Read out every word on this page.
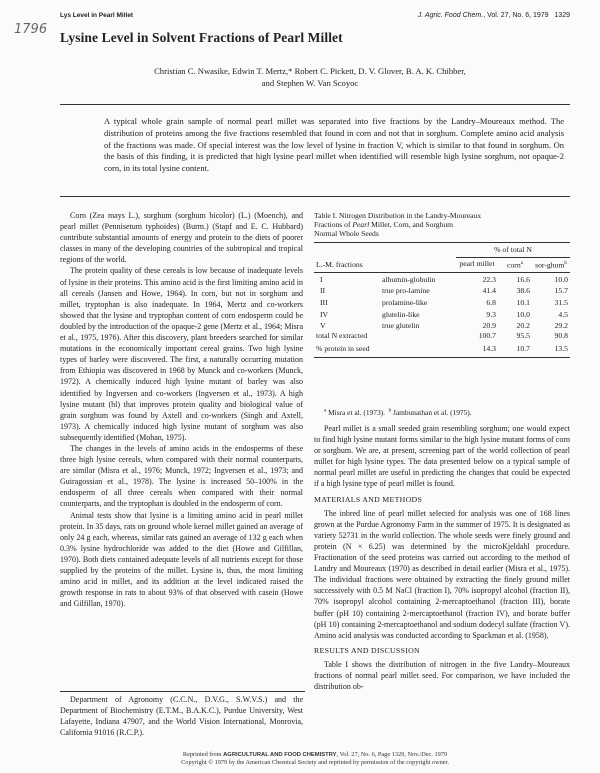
1796
Lys Level in Pearl Millet	J. Agric. Food Chem., Vol. 27, No. 6, 1979 1329
Lysine Level in Solvent Fractions of Pearl Millet
Christian C. Nwasike, Edwin T. Mertz,* Robert C. Pickett, D. V. Glover, B. A. K. Chibber,
and Stephen W. Van Scoyoc
A typical whole grain sample of normal pearl millet was separated into five fractions by the Landry–Moureaux method. The distribution of proteins among the five fractions resembled that found in corn and not that in sorghum. Complete amino acid analysis of the fractions was made. Of special interest was the low level of lysine in fraction V, which is similar to that found in sorghum. On the basis of this finding, it is predicted that high lysine pearl millet when identified will resemble high lysine sorghum, not opaque-2 corn, in its total lysine content.

Corn (Zea mays L.), sorghum (sorghum bicolor) (L.) (Moench), and pearl millet (Pennisetum typhoides) (Burm.) (Stapf and E. C. Hubbard) contribute substantial amounts of energy and protein to the diets of poorer classes in many of the developing countries of the subtropical and tropical regions of the world.

The protein quality of these cereals is low because of inadequate levels of lysine in their proteins. This amino acid is the first limiting amino acid in all cereals (Jansen and Howe, 1964). In corn, but not in sorghum and millet, tryptophan is also inadequate. In 1964, Mertz and co-workers showed that the lysine and tryptophan content of corn endosperm could be doubled by the introduction of the opaque-2 gene (Mertz et al., 1964; Misra et al., 1975, 1976). After this discovery, plant breeders searched for similar mutations in the economically important cereal grains. Two high lysine types of barley were discovered. The first, a naturally occurring mutation from Ethiopia was discovered in 1968 by Munck and co-workers (Munck, 1972). A chemically induced high lysine mutant of barley was also identified by Ingversen and co-workers (Ingversen et al., 1973). A high lysine mutant (hl) that improves protein quality and biological value of grain sorghum was found by Axtell and co-workers (Singh and Axtell, 1973). A chemically induced high lysine mutant of sorghum was also subsequently identified (Mohan, 1975).

The changes in the levels of amino acids in the endosperms of these three high lysine cereals, when compared with their normal counterparts, are similar (Misra et al., 1976; Munck, 1972; Ingversen et al., 1973; and Guiragossian et al., 1978). The lysine is increased 50–100% in the endosperm of all three cereals when compared with their normal counterparts, and the tryptophan is doubled in the endosperm of corn.

Animal tests show that lysine is a limiting amino acid in pearl millet protein. In 35 days, rats on ground whole kernel millet gained an average of only 24 g each, whereas, similar rats gained an average of 132 g each when 0.3% lysine hydrochloride was added to the diet (Howe and Gilfillan, 1970). Both diets contained adequate levels of all nutrients except for those supplied by the proteins of the millet. Lysine is, thus, the most limiting amino acid in millet, and its addition at the level indicated raised the growth response in rats to about 93% of that observed with casein (Howe and Gilfillan, 1970).

Department of Agronomy (C.C.N., D.V.G., S.W.V.S.) and the Department of Biochemistry (E.T.M., B.A.K.C.), Purdue University, West Lafayette, Indiana 47907, and the World Vision International, Monrovia, California 91016 (R.C.P.).

Table I. Nitrogen Distribution in the Landry-Moureaux
Fractions of Pearl Millet, Corn, and Sorghum
Normal Whole Seeds
		% of total N		
L.-M. fractions		pearl millet	corn$^a$	sor-ghum$^b$
I	albumin-globulin	22.3	16.6	10.0
II	true pro-lamine	41.4	38.6	15.7
III	prolamine-like	6.8	10.1	31.5
IV	glutelin-like	9.3	10.0	4.5
V	true glutelin	20.9	20.2	29.2
total N extracted		100.7	95.5	90.8
% protein in seed		14.3	10.7	13.5
$^a$ Misra et al. (1973). $^b$ Jambunathan et al. (1975).

Pearl millet is a small seeded grain resembling sorghum; one would expect to find high lysine mutant forms similar to the high lysine mutant forms of corn or sorghum. We are, at present, screening part of the world collection of pearl millet for high lysine types. The data presented below on a typical sample of normal pearl millet are useful in predicting the changes that could be expected if a high lysine type of pearl millet is found.

MATERIALS AND METHODS

The inbred line of pearl millet selected for analysis was one of 168 lines grown at the Purdue Agronomy Farm in the summer of 1975. It is designated as variety 52731 in the world collection. The whole seeds were finely ground and protein (N × 6.25) was determined by the microKjeldahl procedure. Fractionation of the seed proteins was carried out according to the method of Landry and Moureaux (1970) as described in detail earlier (Misra et al., 1975). The individual fractions were obtained by extracting the finely ground millet successively with 0.5 M NaCl (fraction I), 70% isopropyl alcohol (fraction II), 70% isopropyl alcohol containing 2-mercaptoethanol (fraction III), borate buffer (pH 10) containing 2-mercaptoethanol (fraction IV), and borate buffer (pH 10) containing 2-mercaptoethanol and sodium dodecyl sulfate (fraction V). Amino acid analysis was conducted according to Spackman et al. (1958).

RESULTS AND DISCUSSION

Table I shows the distribution of nitrogen in the five Landry–Moureaux fractions of normal pearl millet seed. For comparison, we have included the distribution ob-

Reprinted from AGRICULTURAL AND FOOD CHEMISTRY, Vol. 27, No. 6, Page 1329, Nov./Dec. 1979
Copyright © 1979 by the American Chemical Society and reprinted by permission of the copyright owner.
